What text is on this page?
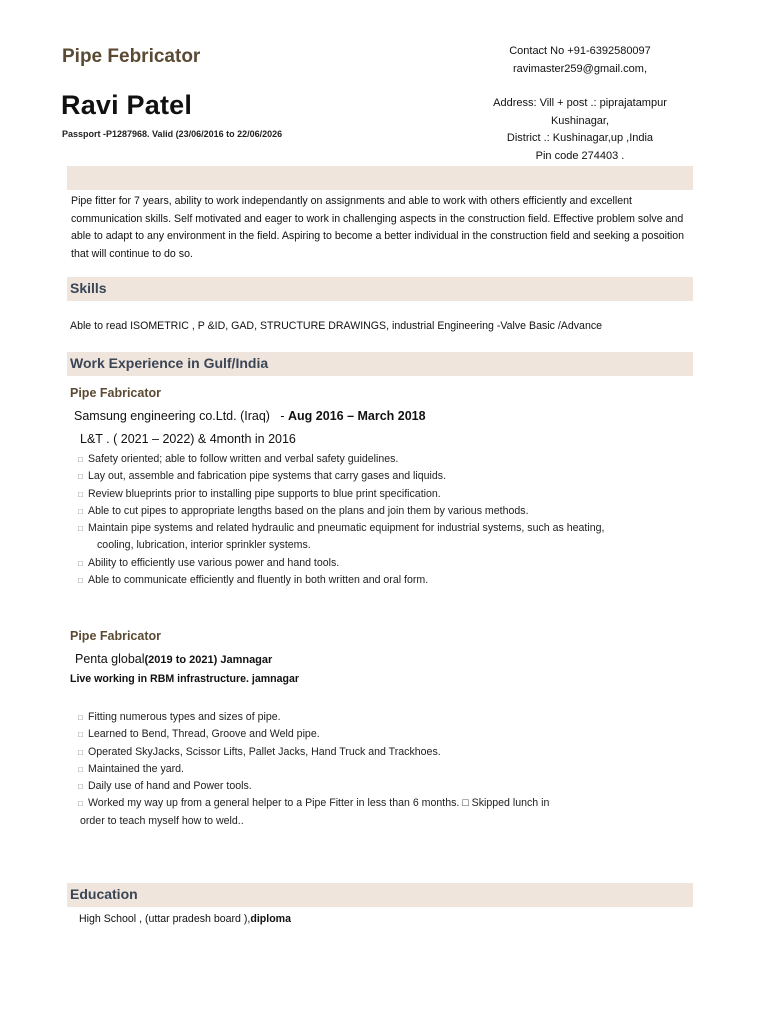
Pipe Febricator
Ravi Patel
Passport -P1287968. Valid (23/06/2016 to 22/06/2026
Contact No +91-6392580097
ravimaster259@gmail.com,
Address: Vill + post .: piprajatampur
Kushinagar,
District .: Kushinagar,up ,India
Pin code 274403 .
Pipe fitter for 7 years, ability to work independantly on assignments and able to work with others efficiently and excellent communication skills. Self motivated and eager to work in challenging aspects in the construction field. Effective problem solve and able to adapt to any environment in the field. Aspiring to become a better individual in the construction field and seeking a posoition that will continue to do so.
Skills
Able to read ISOMETRIC , P &ID, GAD, STRUCTURE DRAWINGS, industrial Engineering -Valve Basic /Advance
Work Experience in Gulf/India
Pipe Fabricator
Samsung engineering co.Ltd. (Iraq)   - Aug 2016 – March 2018
L&T . ( 2021 – 2022) & 4month in 2016
□ Safety oriented; able to follow written and verbal safety guidelines.
□ Lay out, assemble and fabrication pipe systems that carry gases and liquids.
□ Review blueprints prior to installing pipe supports to blue print specification.
□ Able to cut pipes to appropriate lengths based on the plans and join them by various methods.
□ Maintain pipe systems and related hydraulic and pneumatic equipment for industrial systems, such as heating,
cooling, lubrication, interior sprinkler systems.
□ Ability to efficiently use various power and hand tools.
□ Able to communicate efficiently and fluently in both written and oral form.
Pipe Fabricator
Penta global(2019 to 2021) Jamnagar
Live working in RBM infrastructure. jamnagar
□ Fitting numerous types and sizes of pipe.
□ Learned to Bend, Thread, Groove and Weld pipe.
□ Operated SkyJacks, Scissor Lifts, Pallet Jacks, Hand Truck and Trackhoes.
□ Maintained the yard.
□ Daily use of hand and Power tools.
□ Worked my way up from a general helper to a Pipe Fitter in less than 6 months. □ Skipped lunch in
order to teach myself how to weld..
Education
High School , (uttar pradesh board ),diploma
